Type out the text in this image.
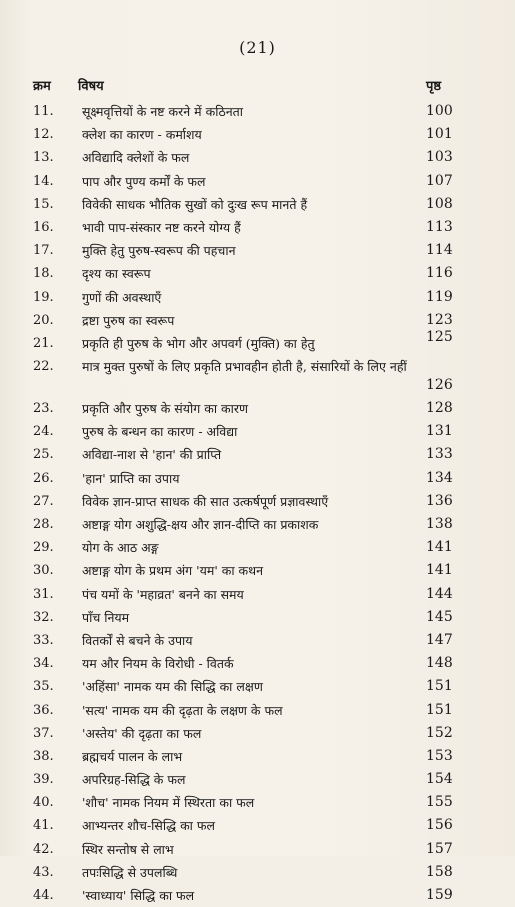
(21)
क्रम विषय	पृष्ठ
11. सूक्ष्मवृत्तियों के नष्ट करने में कठिनता	100
12. क्लेश का कारण - कर्माशय	101
13. अविद्यादि क्लेशों के फल	103
14. पाप और पुण्य कर्मों के फल	107
15. विवेकी साधक भौतिक सुखों को दुःख रूप मानते हैं	108
16. भावी पाप-संस्कार नष्ट करने योग्य हैं	113
17. मुक्ति हेतु पुरुष-स्वरूप की पहचान	114
18. दृश्य का स्वरूप	116
19. गुणों की अवस्थाएँ	119
20. द्रष्टा पुरुष का स्वरूप	123
21. प्रकृति ही पुरुष के भोग और अपवर्ग (मुक्ति) का हेतु	125
22. मात्र मुक्त पुरुषों के लिए प्रकृति प्रभावहीन होती है, संसारियों के लिए नहीं
126
23. प्रकृति और पुरुष के संयोग का कारण	128
24. पुरुष के बन्धन का कारण - अविद्या	131
25. अविद्या-नाश से 'हान' की प्राप्ति	133
26. 'हान' प्राप्ति का उपाय	134
27. विवेक ज्ञान-प्राप्त साधक की सात उत्कर्षपूर्ण प्रज्ञावस्थाएँ	136
28. अष्टाङ्ग योग अशुद्धि-क्षय और ज्ञान-दीप्ति का प्रकाशक	138
29. योग के आठ अङ्ग	141
30. अष्टाङ्ग योग के प्रथम अंग 'यम' का कथन	141
31. पंच यमों के 'महाव्रत' बनने का समय	144
32. पाँच नियम	145
33. वितर्कों से बचने के उपाय	147
34. यम और नियम के विरोधी - वितर्क	148
35. 'अहिंसा' नामक यम की सिद्धि का लक्षण	151
36. 'सत्य' नामक यम की दृढ़ता के लक्षण के फल	151
37. 'अस्तेय' की दृढ़ता का फल	152
38. ब्रह्मचर्य पालन के लाभ	153
39. अपरिग्रह-सिद्धि के फल	154
40. 'शौच' नामक नियम में स्थिरता का फल	155
41. आभ्यन्तर शौच-सिद्धि का फल	156
42. स्थिर सन्तोष से लाभ	157
43. तपःसिद्धि से उपलब्धि	158
44. 'स्वाध्याय' सिद्धि का फल	159
